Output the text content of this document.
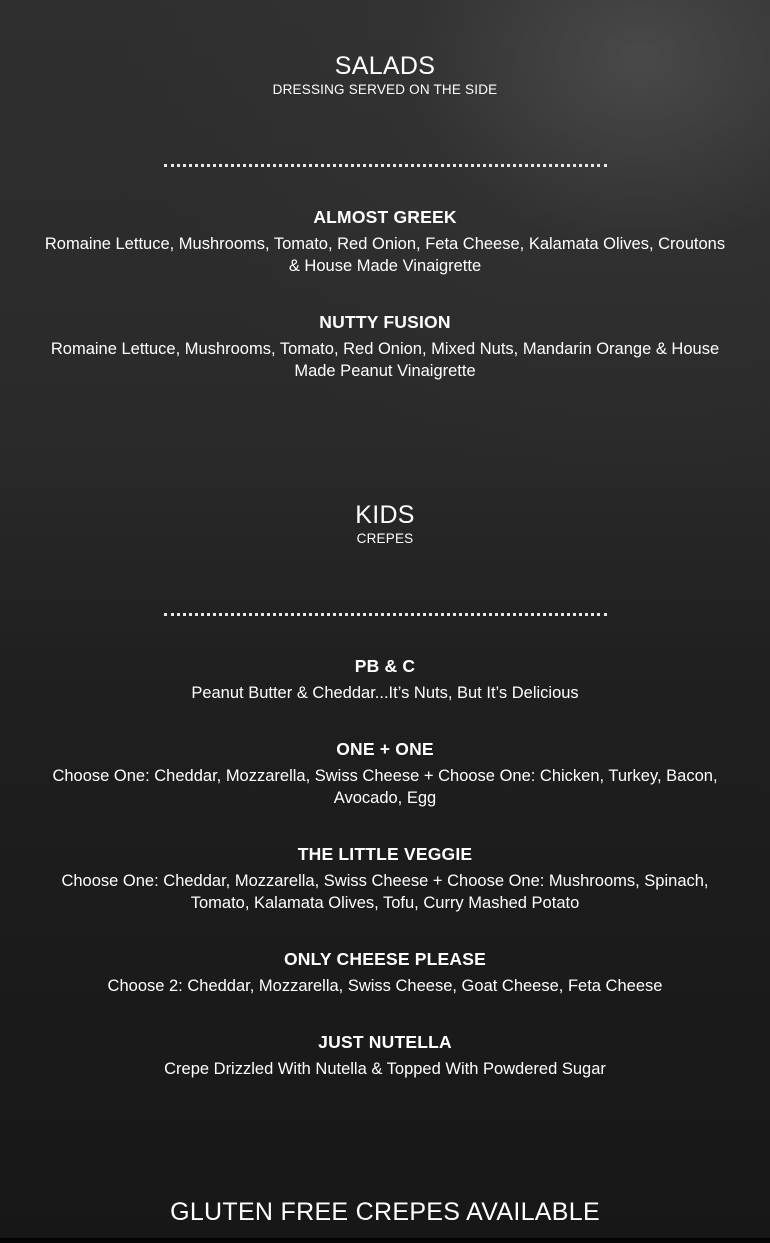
SALADS
DRESSING SERVED ON THE SIDE
ALMOST GREEK
Romaine Lettuce, Mushrooms, Tomato, Red Onion, Feta Cheese, Kalamata Olives, Croutons & House Made Vinaigrette
NUTTY FUSION
Romaine Lettuce, Mushrooms, Tomato, Red Onion, Mixed Nuts, Mandarin Orange & House Made Peanut Vinaigrette
KIDS
CREPES
PB & C
Peanut Butter & Cheddar...It’s Nuts, But It’s Delicious
ONE + ONE
Choose One: Cheddar, Mozzarella, Swiss Cheese + Choose One: Chicken, Turkey, Bacon, Avocado, Egg
THE LITTLE VEGGIE
Choose One: Cheddar, Mozzarella, Swiss Cheese + Choose One: Mushrooms, Spinach, Tomato, Kalamata Olives, Tofu, Curry Mashed Potato
ONLY CHEESE PLEASE
Choose 2: Cheddar, Mozzarella, Swiss Cheese, Goat Cheese, Feta Cheese
JUST NUTELLA
Crepe Drizzled With Nutella & Topped With Powdered Sugar
GLUTEN FREE CREPES AVAILABLE
